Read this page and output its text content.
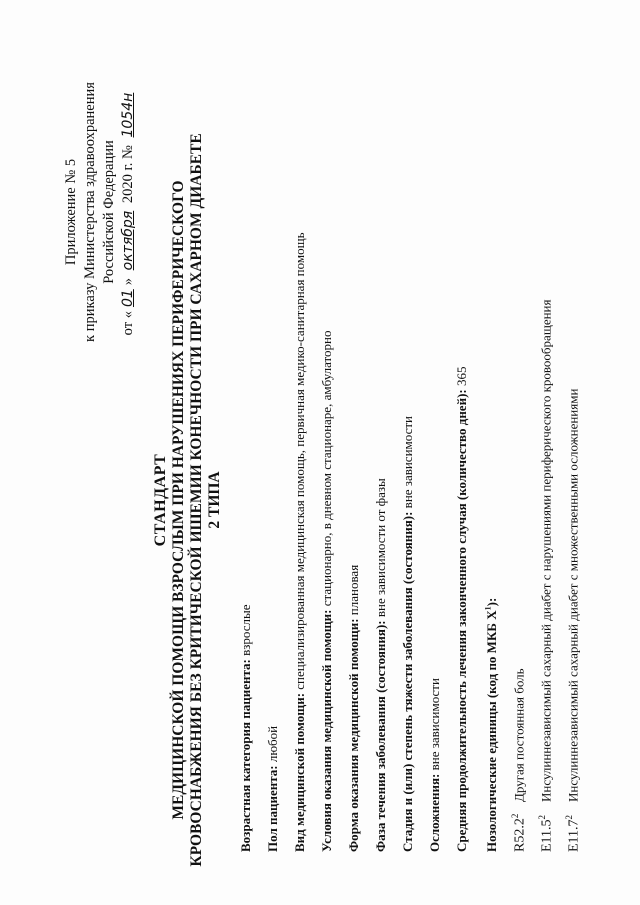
Приложение № 5 к приказу Министерства здравоохранения Российской Федерации
от «01» октября 2020 г. № 1054н
СТАНДАРТ МЕДИЦИНСКОЙ ПОМОЩИ ВЗРОСЛЫМ ПРИ НАРУШЕНИЯХ ПЕРИФЕРИЧЕСКОГО КРОВОСНАБЖЕНИЯ БЕЗ КРИТИЧЕСКОЙ ИШЕМИИ КОНЕЧНОСТИ ПРИ САХАРНОМ ДИАБЕТЕ 2 ТИПА
Возрастная категория пациента: взрослые
Пол пациента: любой Вид медицинской помощи: специализированная медицинская помощь, первичная медико-санитарная помощь
Условия оказания медицинской помощи: стационарно, в дневном стационаре, амбулаторно
Форма оказания медицинской помощи: плановая
Фаза течения заболевания (состояния): вне зависимости от фазы Стадия и (или) степень тяжести заболевания (состояния): вне зависимости
Осложнения: вне зависимости Средняя продолжительность лечения законченного случая (количество дней): 365
Нозологические единицы (код по МКБ $X^1$):
R52.2$^2$Другая постоянная боль
E11.5$^2$Инсулиннезависимый сахарный диабет с нарушениями периферического кровообращения
E11.7$^2$Инсулиннезависимый сахарный диабет с множественными осложнениями
